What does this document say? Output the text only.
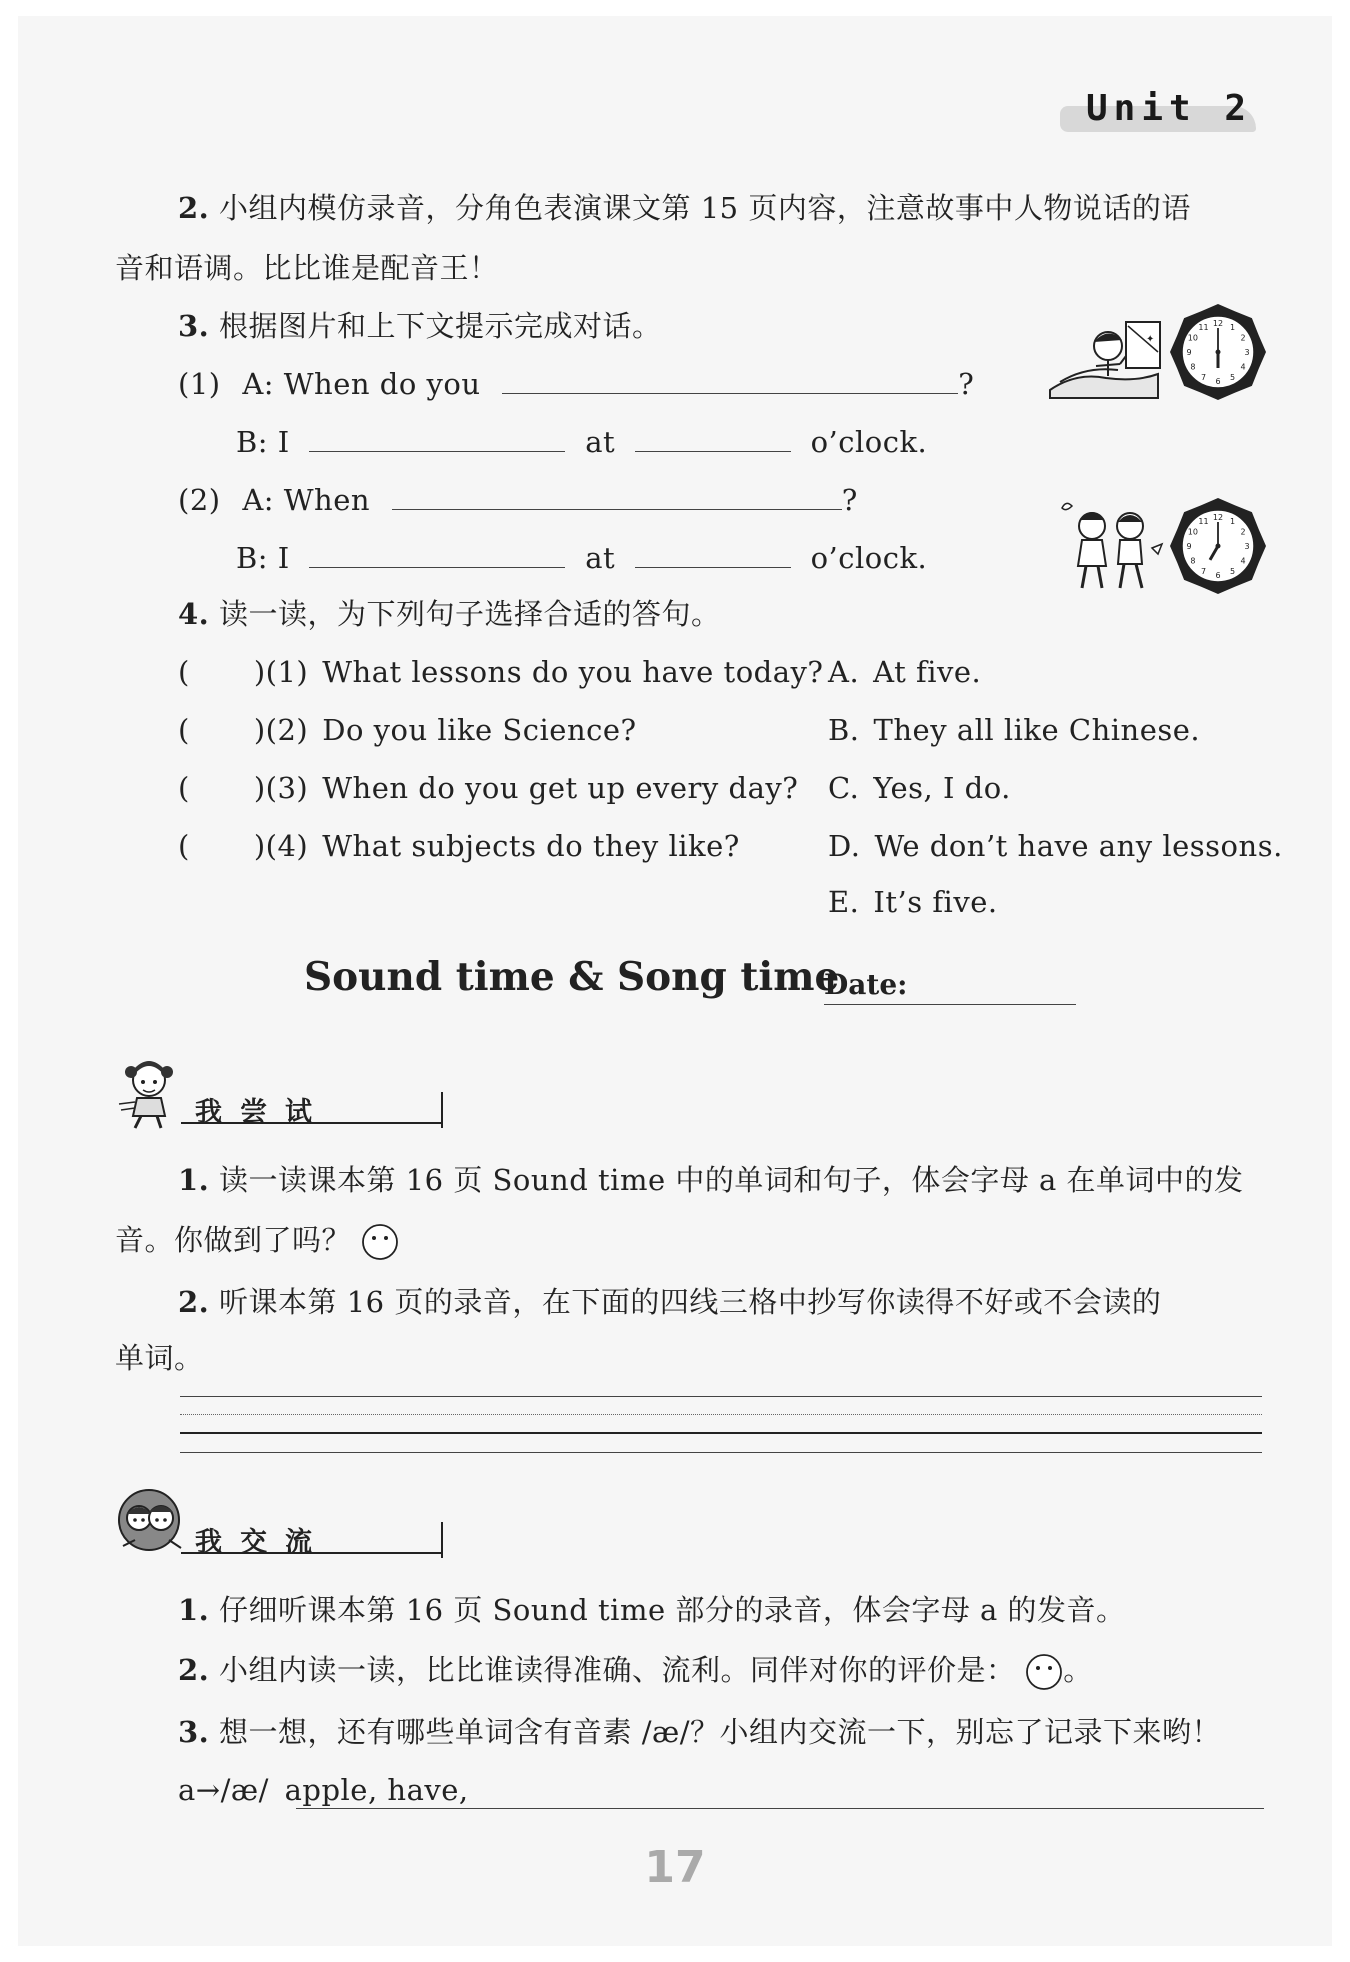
Unit 2
2. 小组内模仿录音，分角色表演课文第 15 页内容，注意故事中人物说话的语
音和语调。比比谁是配音王！
3. 根据图片和上下文提示完成对话。
(1) A: When do you	?
B: I	at	o’clock.
(2) A: When	?
B: I	at	o’clock.
✦
12 1
2
3
4
5
6
7
8
9
10
11
12 1
2
3
4
5
6
7
8
9
10
11
4. 读一读，为下列句子选择合适的答句。
( )(1) What lessons do you have today?
( )(2) Do you like Science?
( )(3) When do you get up every day?
( )(4) What subjects do they like?
A. At five.
B. They all like Chinese.
C. Yes, I do.
D. We don’t have any lessons.
E. It’s five.
Sound time & Song time
Date:
我尝试
1. 读一读课本第 16 页 Sound time 中的单词和句子，体会字母 a 在单词中的发
音。你做到了吗？
2. 听课本第 16 页的录音，在下面的四线三格中抄写你读得不好或不会读的
单词。
我交流
1. 仔细听课本第 16 页 Sound time 部分的录音，体会字母 a 的发音。
2. 小组内读一读，比比谁读得准确、流利。同伴对你的评价是： 。
3. 想一想，还有哪些单词含有音素 /æ/？小组内交流一下，别忘了记录下来哟！
a→/æ/ apple, have,
17
